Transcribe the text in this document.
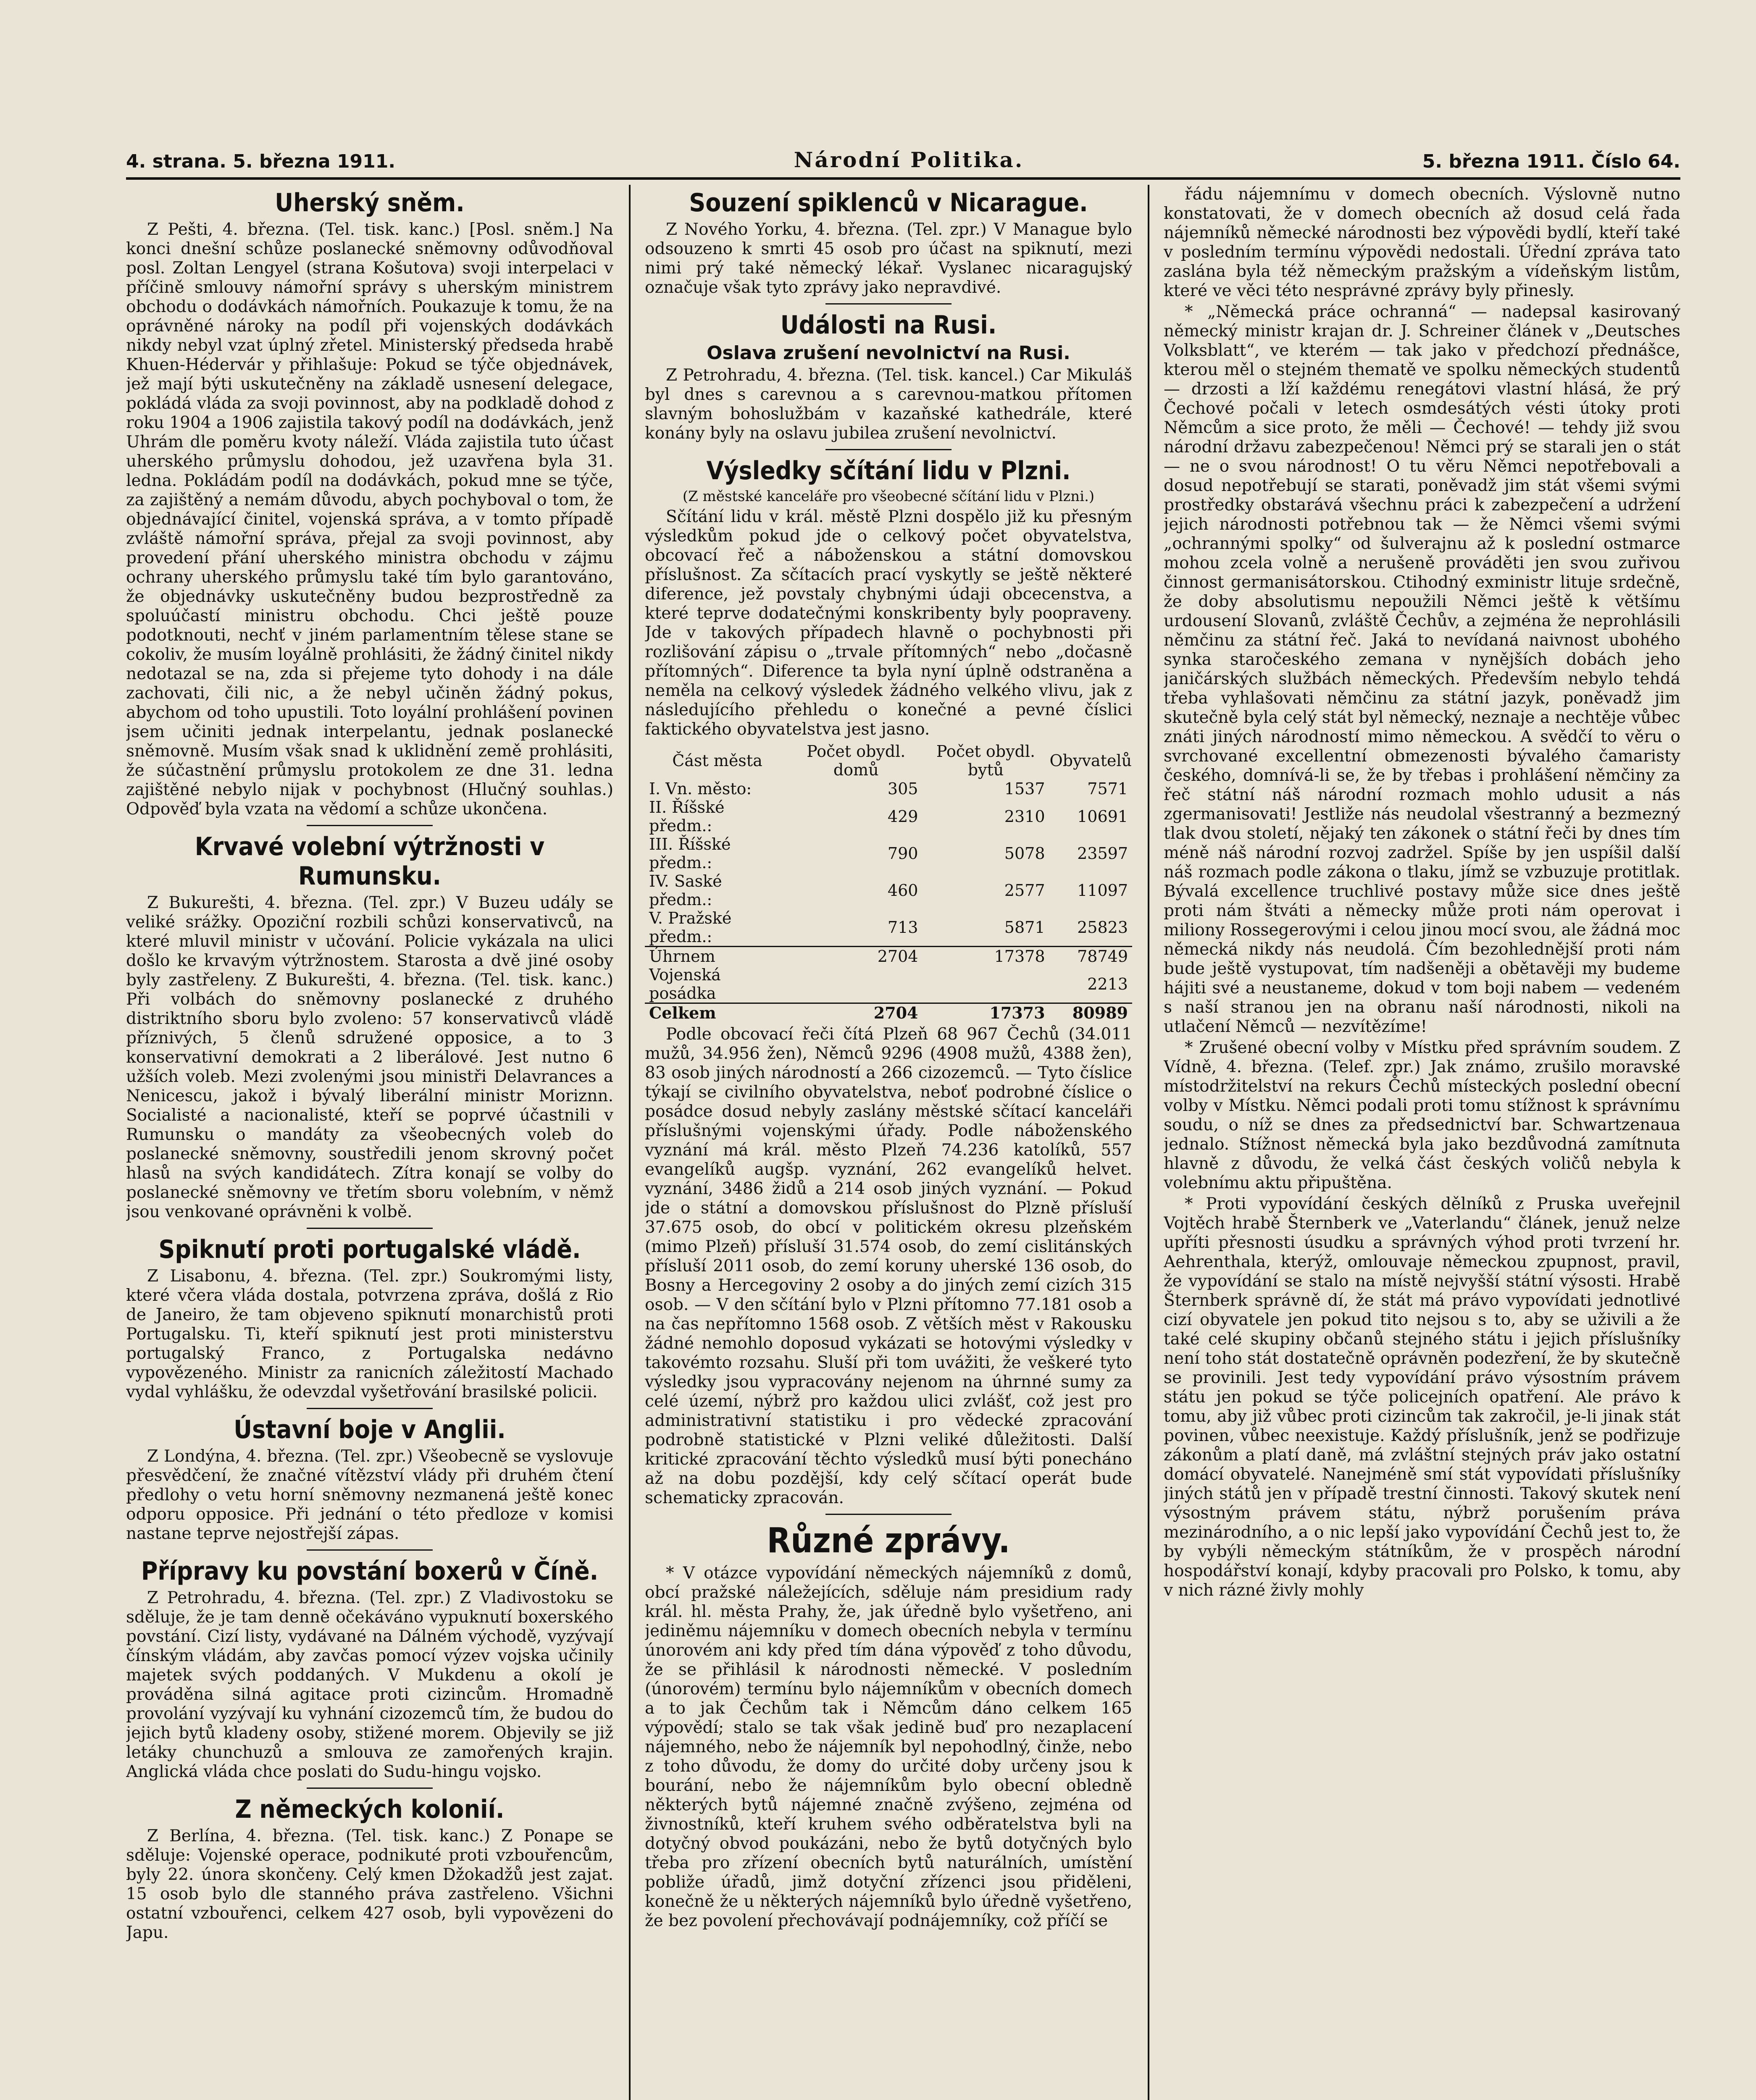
4. strana. 5. března 1911.	Národní Politika.	5. března 1911. Číslo 64.
Uherský sněm.

Z Pešti, 4. března. (Tel. tisk. kanc.) [Posl. sněm.] Na konci dnešní schůze poslanecké sněmovny odůvodňoval posl. Zoltan Lengyel (strana Košutova) svoji interpelaci v příčině smlouvy námořní správy s uherským ministrem obchodu o dodávkách námořních. Poukazuje k tomu, že na oprávněné nároky na podíl při vojenských dodávkách nikdy nebyl vzat úplný zřetel. Ministerský předseda hrabě Khuen-Hédervár y přihlašuje: Pokud se týče objednávek, jež mají býti uskutečněny na základě usnesení delegace, pokládá vláda za svoji povinnost, aby na podkladě dohod z roku 1904 a 1906 zajistila takový podíl na dodávkách, jenž Uhrám dle poměru kvoty náleží. Vláda zajistila tuto účast uherského průmyslu dohodou, jež uzavřena byla 31. ledna. Pokládám podíl na dodávkách, pokud mne se týče, za zajištěný a nemám důvodu, abych pochyboval o tom, že objednávající činitel, vojenská správa, a v tomto případě zvláště námořní správa, přejal za svoji povinnost, aby provedení přání uherského ministra obchodu v zájmu ochrany uherského průmyslu také tím bylo garantováno, že objednávky uskutečněny budou bezprostředně za spoluúčastí ministru obchodu. Chci ještě pouze podotknouti, nechť v jiném parlamentním tělese stane se cokoliv, že musím loyálně prohlásiti, že žádný činitel nikdy nedotazal se na, zda si přejeme tyto dohody i na dále zachovati, čili nic, a že nebyl učiněn žádný pokus, abychom od toho upustili. Toto loyální prohlášení povinen jsem učiniti jednak interpelantu, jednak poslanecké sněmovně. Musím však snad k uklidnění země prohlásiti, že súčastnění průmyslu protokolem ze dne 31. ledna zajištěné nebylo nijak v pochybnost (Hlučný souhlas.) Odpověď byla vzata na vědomí a schůze ukončena.

Krvavé volební výtržnosti v Rumunsku.

Z Bukurešti, 4. března. (Tel. zpr.) V Buzeu udály se veliké srážky. Opoziční rozbili schůzi konservativců, na které mluvil ministr v učování. Policie vykázala na ulici došlo ke krvavým výtržnostem. Starosta a dvě jiné osoby byly zastřeleny. Z Bukurešti, 4. března. (Tel. tisk. kanc.) Při volbách do sněmovny poslanecké z druhého distriktního sboru bylo zvoleno: 57 konservativců vládě příznivých, 5 členů sdružené opposice, a to 3 konservativní demokrati a 2 liberálové. Jest nutno 6 užších voleb. Mezi zvolenými jsou ministři Delavrances a Nenicescu, jakož i bývalý liberální ministr Moriznn. Socialisté a nacionalisté, kteří se poprvé účastnili v Rumunsku o mandáty za všeobecných voleb do poslanecké sněmovny, soustředili jenom skrovný počet hlasů na svých kandidátech. Zítra konají se volby do poslanecké sněmovny ve třetím sboru volebním, v němž jsou venkované oprávněni k volbě.

Spiknutí proti portugalské vládě.

Z Lisabonu, 4. března. (Tel. zpr.) Soukromými listy, které včera vláda dostala, potvrzena zpráva, došlá z Rio de Janeiro, že tam objeveno spiknutí monarchistů proti Portugalsku. Ti, kteří spiknutí jest proti ministerstvu portugalský Franco, z Portugalska nedávno vypovězeného. Ministr za ranicních záležitostí Machado vydal vyhlášku, že odevzdal vyšetřování brasilské policii.

Ústavní boje v Anglii.

Z Londýna, 4. března. (Tel. zpr.) Všeobecně se vyslovuje přesvědčení, že značné vítězství vlády při druhém čtení předlohy o vetu horní sněmovny nezmanená ještě konec odporu opposice. Při jednání o této předloze v komisi nastane teprve nejostřejší zápas.

Přípravy ku povstání boxerů v Číně.

Z Petrohradu, 4. března. (Tel. zpr.) Z Vladivostoku se sděluje, že je tam denně očekáváno vypuknutí boxerského povstání. Cizí listy, vydávané na Dálném východě, vyzývají čínským vládám, aby zavčas pomocí výzev vojska učinily majetek svých poddaných. V Mukdenu a okolí je prováděna silná agitace proti cizincům. Hromadně provolání vyzývají ku vyhnání cizozemců tím, že budou do jejich bytů kladeny osoby, stižené morem. Objevily se již letáky chunchuzů a smlouva ze zamořených krajin. Anglická vláda chce poslati do Sudu-hingu vojsko.

Z německých kolonií.

Z Berlína, 4. března. (Tel. tisk. kanc.) Z Ponape se sděluje: Vojenské operace, podnikuté proti vzbouřencům, byly 22. února skončeny. Celý kmen Džokadžů jest zajat. 15 osob bylo dle stanného práva zastřeleno. Všichni ostatní vzbouřenci, celkem 427 osob, byli vypovězeni do Japu.

Souzení spiklenců v Nicarague.

Z Nového Yorku, 4. března. (Tel. zpr.) V Manague bylo odsouzeno k smrti 45 osob pro účast na spiknutí, mezi nimi prý také německý lékař. Vyslanec nicaragujský označuje však tyto zprávy jako nepravdivé.

Události na Rusi.
Oslava zrušení nevolnictví na Rusi.

Z Petrohradu, 4. března. (Tel. tisk. kancel.) Car Mikuláš byl dnes s carevnou a s carevnou-matkou přítomen slavným bohoslužbám v kazaňské kathedrále, které konány byly na oslavu jubilea zrušení nevolnictví.

Výsledky sčítání lidu v Plzni.
(Z městské kanceláře pro všeobecné sčítání lidu v Plzni.)

Sčítání lidu v král. městě Plzni dospělo již ku přesným výsledkům pokud jde o celkový počet obyvatelstva, obcovací řeč a náboženskou a státní domovskou příslušnost. Za sčítacích prací vyskytly se ještě některé diference, jež povstaly chybnými údaji obcecenstva, a které teprve dodatečnými konskribenty byly poopraveny. Jde v takových případech hlavně o pochybnosti při rozlišování zápisu o „trvale přítomných“ nebo „dočasně přítomných“. Diference ta byla nyní úplně odstraněna a neměla na celkový výsledek žádného velkého vlivu, jak z následujícího přehledu o konečné a pevné číslici faktického obyvatelstva jest jasno.

Část města	Počet obydl. domů	Počet obydl. bytů	Obyvatelů
I. Vn. město:	305	1537	7571
II. Říšské předm.:	429	2310	10691
III. Říšské předm.:	790	5078	23597
IV. Saské předm.:	460	2577	11097
V. Pražské předm.:	713	5871	25823
Úhrnem	2704	17378	78749
Vojenská posádka			2213
Celkem	2704	17373	80989

Podle obcovací řeči čítá Plzeň 68 967 Čechů (34.011 mužů, 34.956 žen), Němců 9296 (4908 mužů, 4388 žen), 83 osob jiných národností a 266 cizozemců. — Tyto číslice týkají se civilního obyvatelstva, neboť podrobné číslice o posádce dosud nebyly zaslány městské sčítací kanceláři příslušnými vojenskými úřady. Podle náboženského vyznání má král. město Plzeň 74.236 katolíků, 557 evangelíků augšp. vyznání, 262 evangelíků helvet. vyznání, 3486 židů a 214 osob jiných vyznání. — Pokud jde o státní a domovskou příslušnost do Plzně přísluší 37.675 osob, do obcí v politickém okresu plzeňském (mimo Plzeň) přísluší 31.574 osob, do zemí cislitánských přísluší 2011 osob, do zemí koruny uherské 136 osob, do Bosny a Hercegoviny 2 osoby a do jiných zemí cizích 315 osob. — V den sčítání bylo v Plzni přítomno 77.181 osob a na čas nepřítomno 1568 osob. Z větších měst v Rakousku žádné nemohlo doposud vykázati se hotovými výsledky v takovémto rozsahu. Sluší při tom uvážiti, že veškeré tyto výsledky jsou vypracovány nejenom na úhrnné sumy za celé území, nýbrž pro každou ulici zvlášť, což jest pro administrativní statistiku i pro vědecké zpracování podrobně statistické v Plzni veliké důležitosti. Další kritické zpracování těchto výsledků musí býti ponecháno až na dobu pozdější, kdy celý sčítací operát bude schematicky zpracován.

Různé zprávy.

* V otázce vypovídání německých nájemníků z domů, obcí pražské náležejících, sděluje nám presidium rady král. hl. města Prahy, že, jak úředně bylo vyšetřeno, ani jediněmu nájemníku v domech obecních nebyla v termínu únorovém ani kdy před tím dána výpověď z toho důvodu, že se přihlásil k národnosti německé. V posledním (únorovém) termínu bylo nájemníkům v obecních domech a to jak Čechům tak i Němcům dáno celkem 165 výpovědí; stalo se tak však jedině buď pro nezaplacení nájemného, nebo že nájemník byl nepohodlný, činže, nebo z toho důvodu, že domy do určité doby určeny jsou k bourání, nebo že nájemníkům bylo obecní obledně některých bytů nájemné značně zvýšeno, zejména od živnostníků, kteří kruhem svého odběratelstva byli na dotyčný obvod poukázáni, nebo že bytů dotyčných bylo třeba pro zřízení obecních bytů naturálních, umístění pobliže úřadů, jimž dotyční zřízenci jsou přiděleni, konečně že u některých nájemníků bylo úředně vyšetřeno, že bez povolení přechovávají podnájemníky, což příčí se

řádu nájemnímu v domech obecních. Výslovně nutno konstatovati, že v domech obecních až dosud celá řada nájemníků německé národnosti bez výpovědi bydlí, kteří také v posledním termínu výpovědi nedostali. Úřední zpráva tato zaslána byla též německým pražským a vídeňským listům, které ve věci této nesprávné zprávy byly přinesly.

* „Německá práce ochranná“ — nadepsal kasirovaný německý ministr krajan dr. J. Schreiner článek v „Deutsches Volksblatt“, ve kterém — tak jako v předchozí přednášce, kterou měl o stejném thematě ve spolku německých studentů — drzosti a lží každému renegátovi vlastní hlásá, že prý Čechové počali v letech osmdesátých vésti útoky proti Němcům a sice proto, že měli — Čechové! — tehdy již svou národní državu zabezpečenou! Němci prý se starali jen o stát — ne o svou národnost! O tu věru Němci nepotřebovali a dosud nepotřebují se starati, poněvadž jim stát všemi svými prostředky obstarává všechnu práci k zabezpečení a udržení jejich národnosti potřebnou tak — že Němci všemi svými „ochrannými spolky“ od šulverajnu až k poslední ostmarce mohou zcela volně a nerušeně prováděti jen svou zuřivou činnost germanisátorskou. Ctihodný exministr lituje srdečně, že doby absolutismu nepoužili Němci ještě k většímu urdousení Slovanů, zvláště Čechův, a zejména že neprohlásili němčinu za státní řeč. Jaká to nevídaná naivnost ubohého synka staročeského zemana v nynějších dobách jeho janičárských službách německých. Především nebylo tehdá třeba vyhlašovati němčinu za státní jazyk, poněvadž jim skutečně byla celý stát byl německý, neznaje a nechtěje vůbec znáti jiných národností mimo německou. A svědčí to věru o svrchované excellentní obmezenosti bývalého čamaristy českého, domnívá-li se, že by třebas i prohlášení němčiny za řeč státní náš národní rozmach mohlo udusit a nás zgermanisovati! Jestliže nás neudolal všestranný a bezmezný tlak dvou století, nějaký ten zákonek o státní řeči by dnes tím méně náš národní rozvoj zadržel. Spíše by jen uspíšil další náš rozmach podle zákona o tlaku, jímž se vzbuzuje protitlak. Bývalá excellence truchlivé postavy může sice dnes ještě proti nám štváti a německy může proti nám operovat i miliony Rossegerovými i celou jinou mocí svou, ale žádná moc německá nikdy nás neudolá. Čím bezohlednější proti nám bude ještě vystupovat, tím nadšeněji a obětavěji my budeme hájiti své a neustaneme, dokud v tom boji nabem — vedeném s naší stranou jen na obranu naší národnosti, nikoli na utlačení Němců — nezvítězíme!

* Zrušené obecní volby v Místku před správním soudem. Z Vídně, 4. března. (Telef. zpr.) Jak známo, zrušilo moravské místodržitelství na rekurs Čechů místeckých poslední obecní volby v Místku. Němci podali proti tomu stížnost k správnímu soudu, o níž se dnes za předsednictví bar. Schwartzenaua jednalo. Stížnost německá byla jako bezdůvodná zamítnuta hlavně z důvodu, že velká část českých voličů nebyla k volebnímu aktu připuštěna.

* Proti vypovídání českých dělníků z Pruska uveřejnil Vojtěch hrabě Šternberk ve „Vaterlandu“ článek, jenuž nelze upříti přesnosti úsudku a správných výhod proti tvrzení hr. Aehrenthala, kterýž, omlouvaje německou zpupnost, pravil, že vypovídání se stalo na místě nejvyšší státní výsosti. Hrabě Šternberk správně dí, že stát má právo vypovídati jednotlivé cizí obyvatele jen pokud tito nejsou s to, aby se uživili a že také celé skupiny občanů stejného státu i jejich příslušníky není toho stát dostatečně oprávněn podezření, že by skutečně se provinili. Jest tedy vypovídání právo výsostním právem státu jen pokud se týče policejních opatření. Ale právo k tomu, aby již vůbec proti cizincům tak zakročil, je-li jinak stát povinen, vůbec neexistuje. Každý příslušník, jenž se podřizuje zákonům a platí daně, má zvláštní stejných práv jako ostatní domácí obyvatelé. Nanejméně smí stát vypovídati příslušníky jiných států jen v případě trestní činnosti. Takový skutek není výsostným právem státu, nýbrž porušením práva mezinárodního, a o nic lepší jako vypovídání Čechů jest to, že by vybýli německým státníkům, že v prospěch národní hospodářství konají, kdyby pracovali pro Polsko, k tomu, aby v nich rázné živly mohly
